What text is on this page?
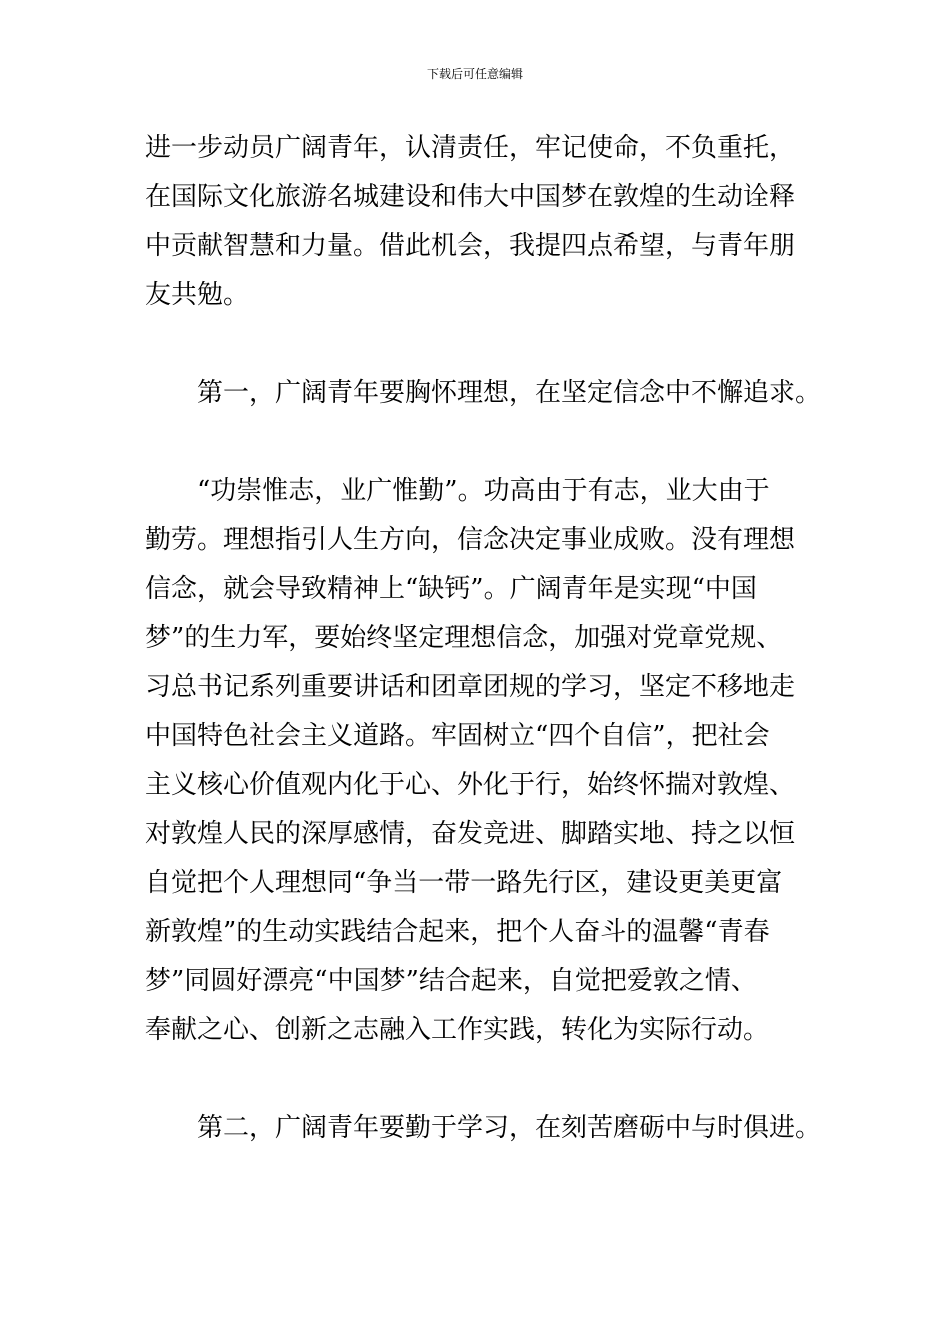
下载后可任意编辑

进一步动员广阔青年，认清责任，牢记使命，不负重托，
在国际文化旅游名城建设和伟大中国梦在敦煌的生动诠释
中贡献智慧和力量。借此机会，我提四点希望，与青年朋
友共勉。

第一，广阔青年要胸怀理想，在坚定信念中不懈追求。

“功崇惟志，业广惟勤”。功高由于有志，业大由于
勤劳。理想指引人生方向，信念决定事业成败。没有理想
信念，就会导致精神上“缺钙”。广阔青年是实现“中国
梦”的生力军，要始终坚定理想信念，加强对党章党规、
习总书记系列重要讲话和团章团规的学习，坚定不移地走
中国特色社会主义道路。牢固树立“四个自信”，把社会
主义核心价值观内化于心、外化于行，始终怀揣对敦煌、
对敦煌人民的深厚感情，奋发竞进、脚踏实地、持之以恒
自觉把个人理想同“争当一带一路先行区，建设更美更富
新敦煌”的生动实践结合起来，把个人奋斗的温馨“青春
梦”同圆好漂亮“中国梦”结合起来，自觉把爱敦之情、
奉献之心、创新之志融入工作实践，转化为实际行动。

第二，广阔青年要勤于学习，在刻苦磨砺中与时俱进。
